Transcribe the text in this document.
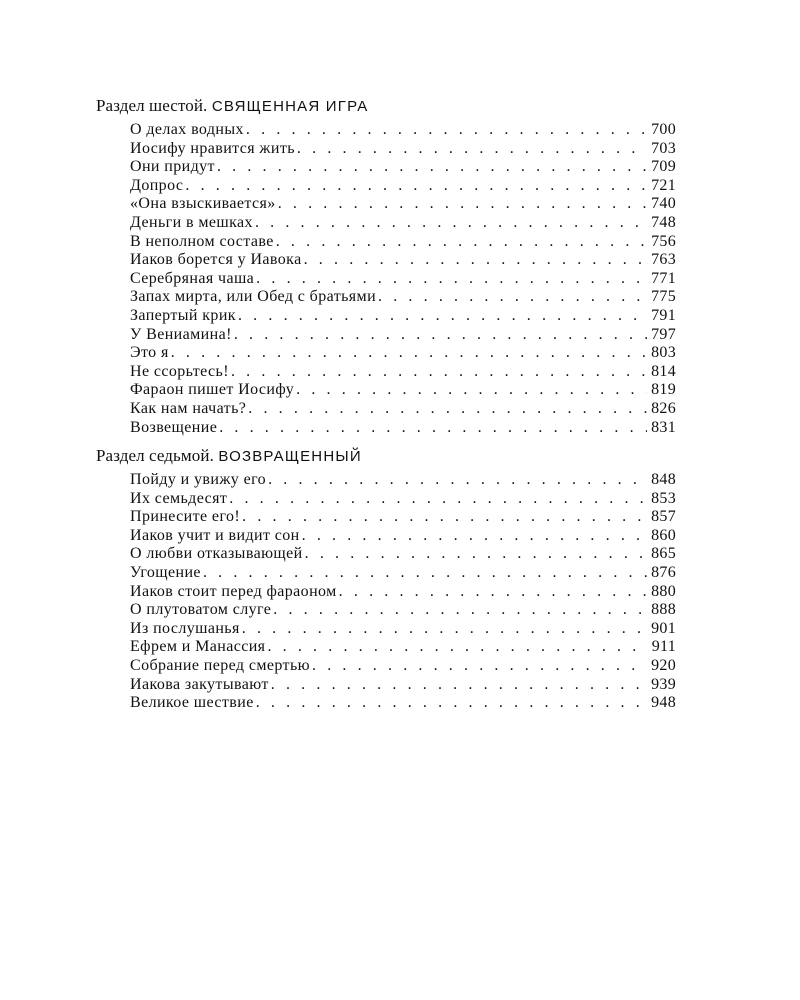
Раздел шестой. СВЯЩЕННАЯ ИГРА
О делах водных . . .	700
Иосифу нравится жить . . .	703
Они придут . . .	709
Допрос . . .	721
«Она взыскивается» . . .	740
Деньги в мешках . . .	748
В неполном составе . . .	756
Иаков борется у Иавока . . .	763
Серебряная чаша . . .	771
Запах мирта, или Обед с братьями . . .	775
Запертый крик . . .	791
У Вениамина! . . .	797
Это я . . .	803
Не ссорьтесь! . . .	814
Фараон пишет Иосифу . . .	819
Как нам начать? . . .	826
Возвещение . . .	831
Раздел седьмой. ВОЗВРАЩЕННЫЙ
Пойду и увижу его . . .	848
Их семьдесят . . .	853
Принесите его! . . .	857
Иаков учит и видит сон . . .	860
О любви отказывающей . . .	865
Угощение . . .	876
Иаков стоит перед фараоном . . .	880
О плутоватом слуге . . .	888
Из послушанья . . .	901
Ефрем и Манассия . . .	911
Собрание перед смертью . . .	920
Иакова закутывают . . .	939
Великое шествие . . .	948
